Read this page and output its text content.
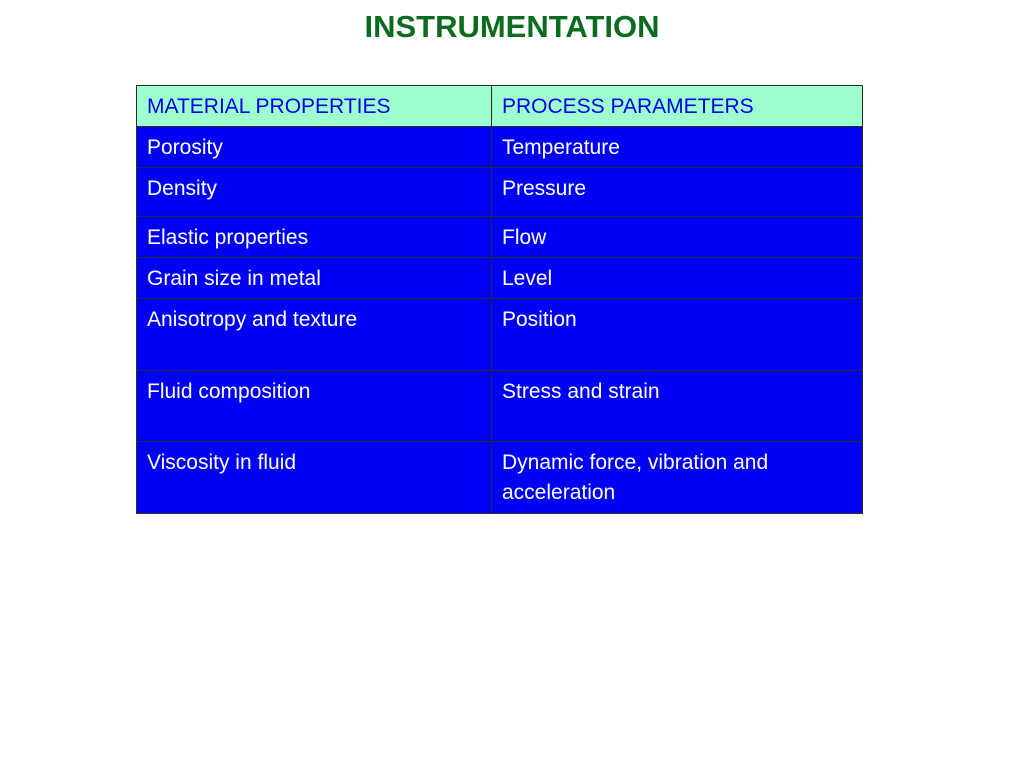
INSTRUMENTATION
MATERIAL PROPERTIES	PROCESS PARAMETERS
Porosity	Temperature
Density	Pressure
Elastic properties	Flow
Grain size in metal	Level
Anisotropy and texture	Position
Fluid composition	Stress and strain
Viscosity in fluid	Dynamic force, vibration and acceleration
